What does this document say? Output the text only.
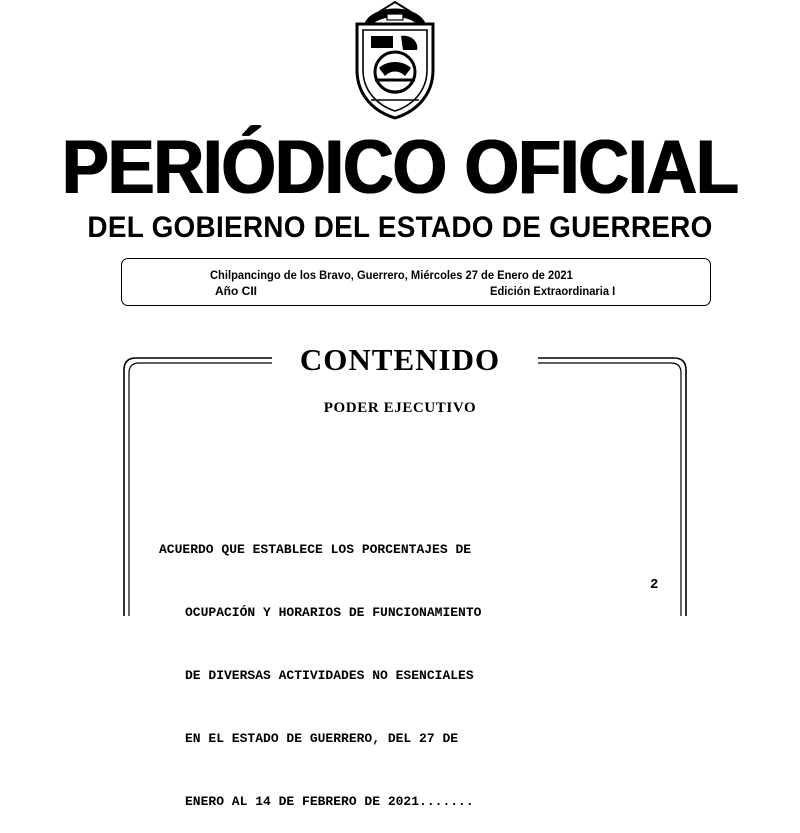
PERIÓDICO OFICIAL
DEL GOBIERNO DEL ESTADO DE GUERRERO
Chilpancingo de los Bravo, Guerrero, Miércoles 27 de Enero de 2021
Año CII	Edición Extraordinaria I
CONTENIDO
PODER EJECUTIVO

ACUERDO QUE ESTABLECE LOS PORCENTAJES DE

OCUPACIÓN Y HORARIOS DE FUNCIONAMIENTO

DE DIVERSAS ACTIVIDADES NO ESENCIALES

EN EL ESTADO DE GUERRERO, DEL 27 DE

ENERO AL 14 DE FEBRERO DE 2021.......

2
